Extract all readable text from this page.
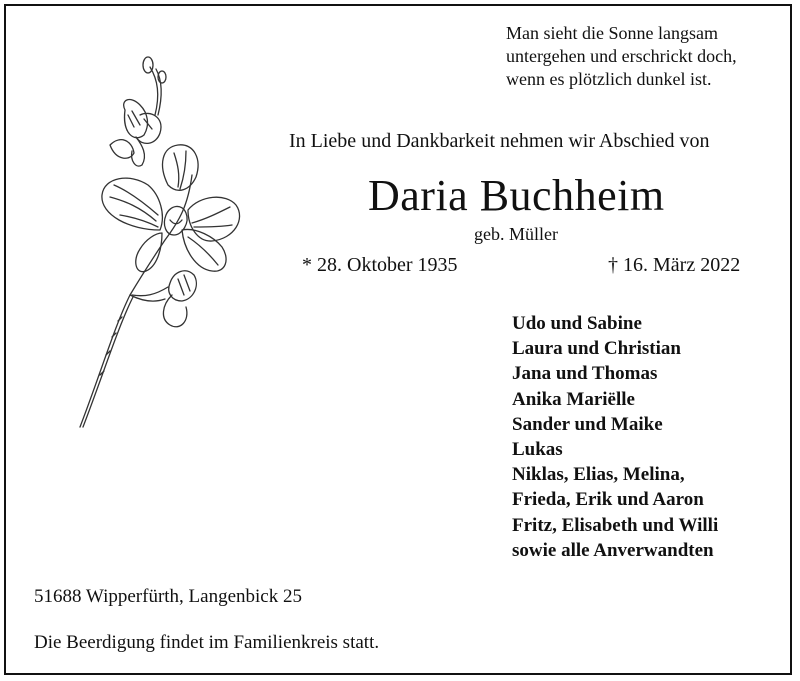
Man sieht die Sonne langsam
untergehen und erschrickt doch,
wenn es plötzlich dunkel ist.
In Liebe und Dankbarkeit nehmen wir Abschied von
Daria Buchheim
geb. Müller
* 28. Oktober 1935	† 16. März 2022
Udo und Sabine
Laura und Christian
Jana und Thomas
Anika Mariëlle
Sander und Maike
Lukas
Niklas, Elias, Melina,
Frieda, Erik und Aaron
Fritz, Elisabeth und Willi
sowie alle Anverwandten
51688 Wipperfürth, Langenbick 25
Die Beerdigung findet im Familienkreis statt.
